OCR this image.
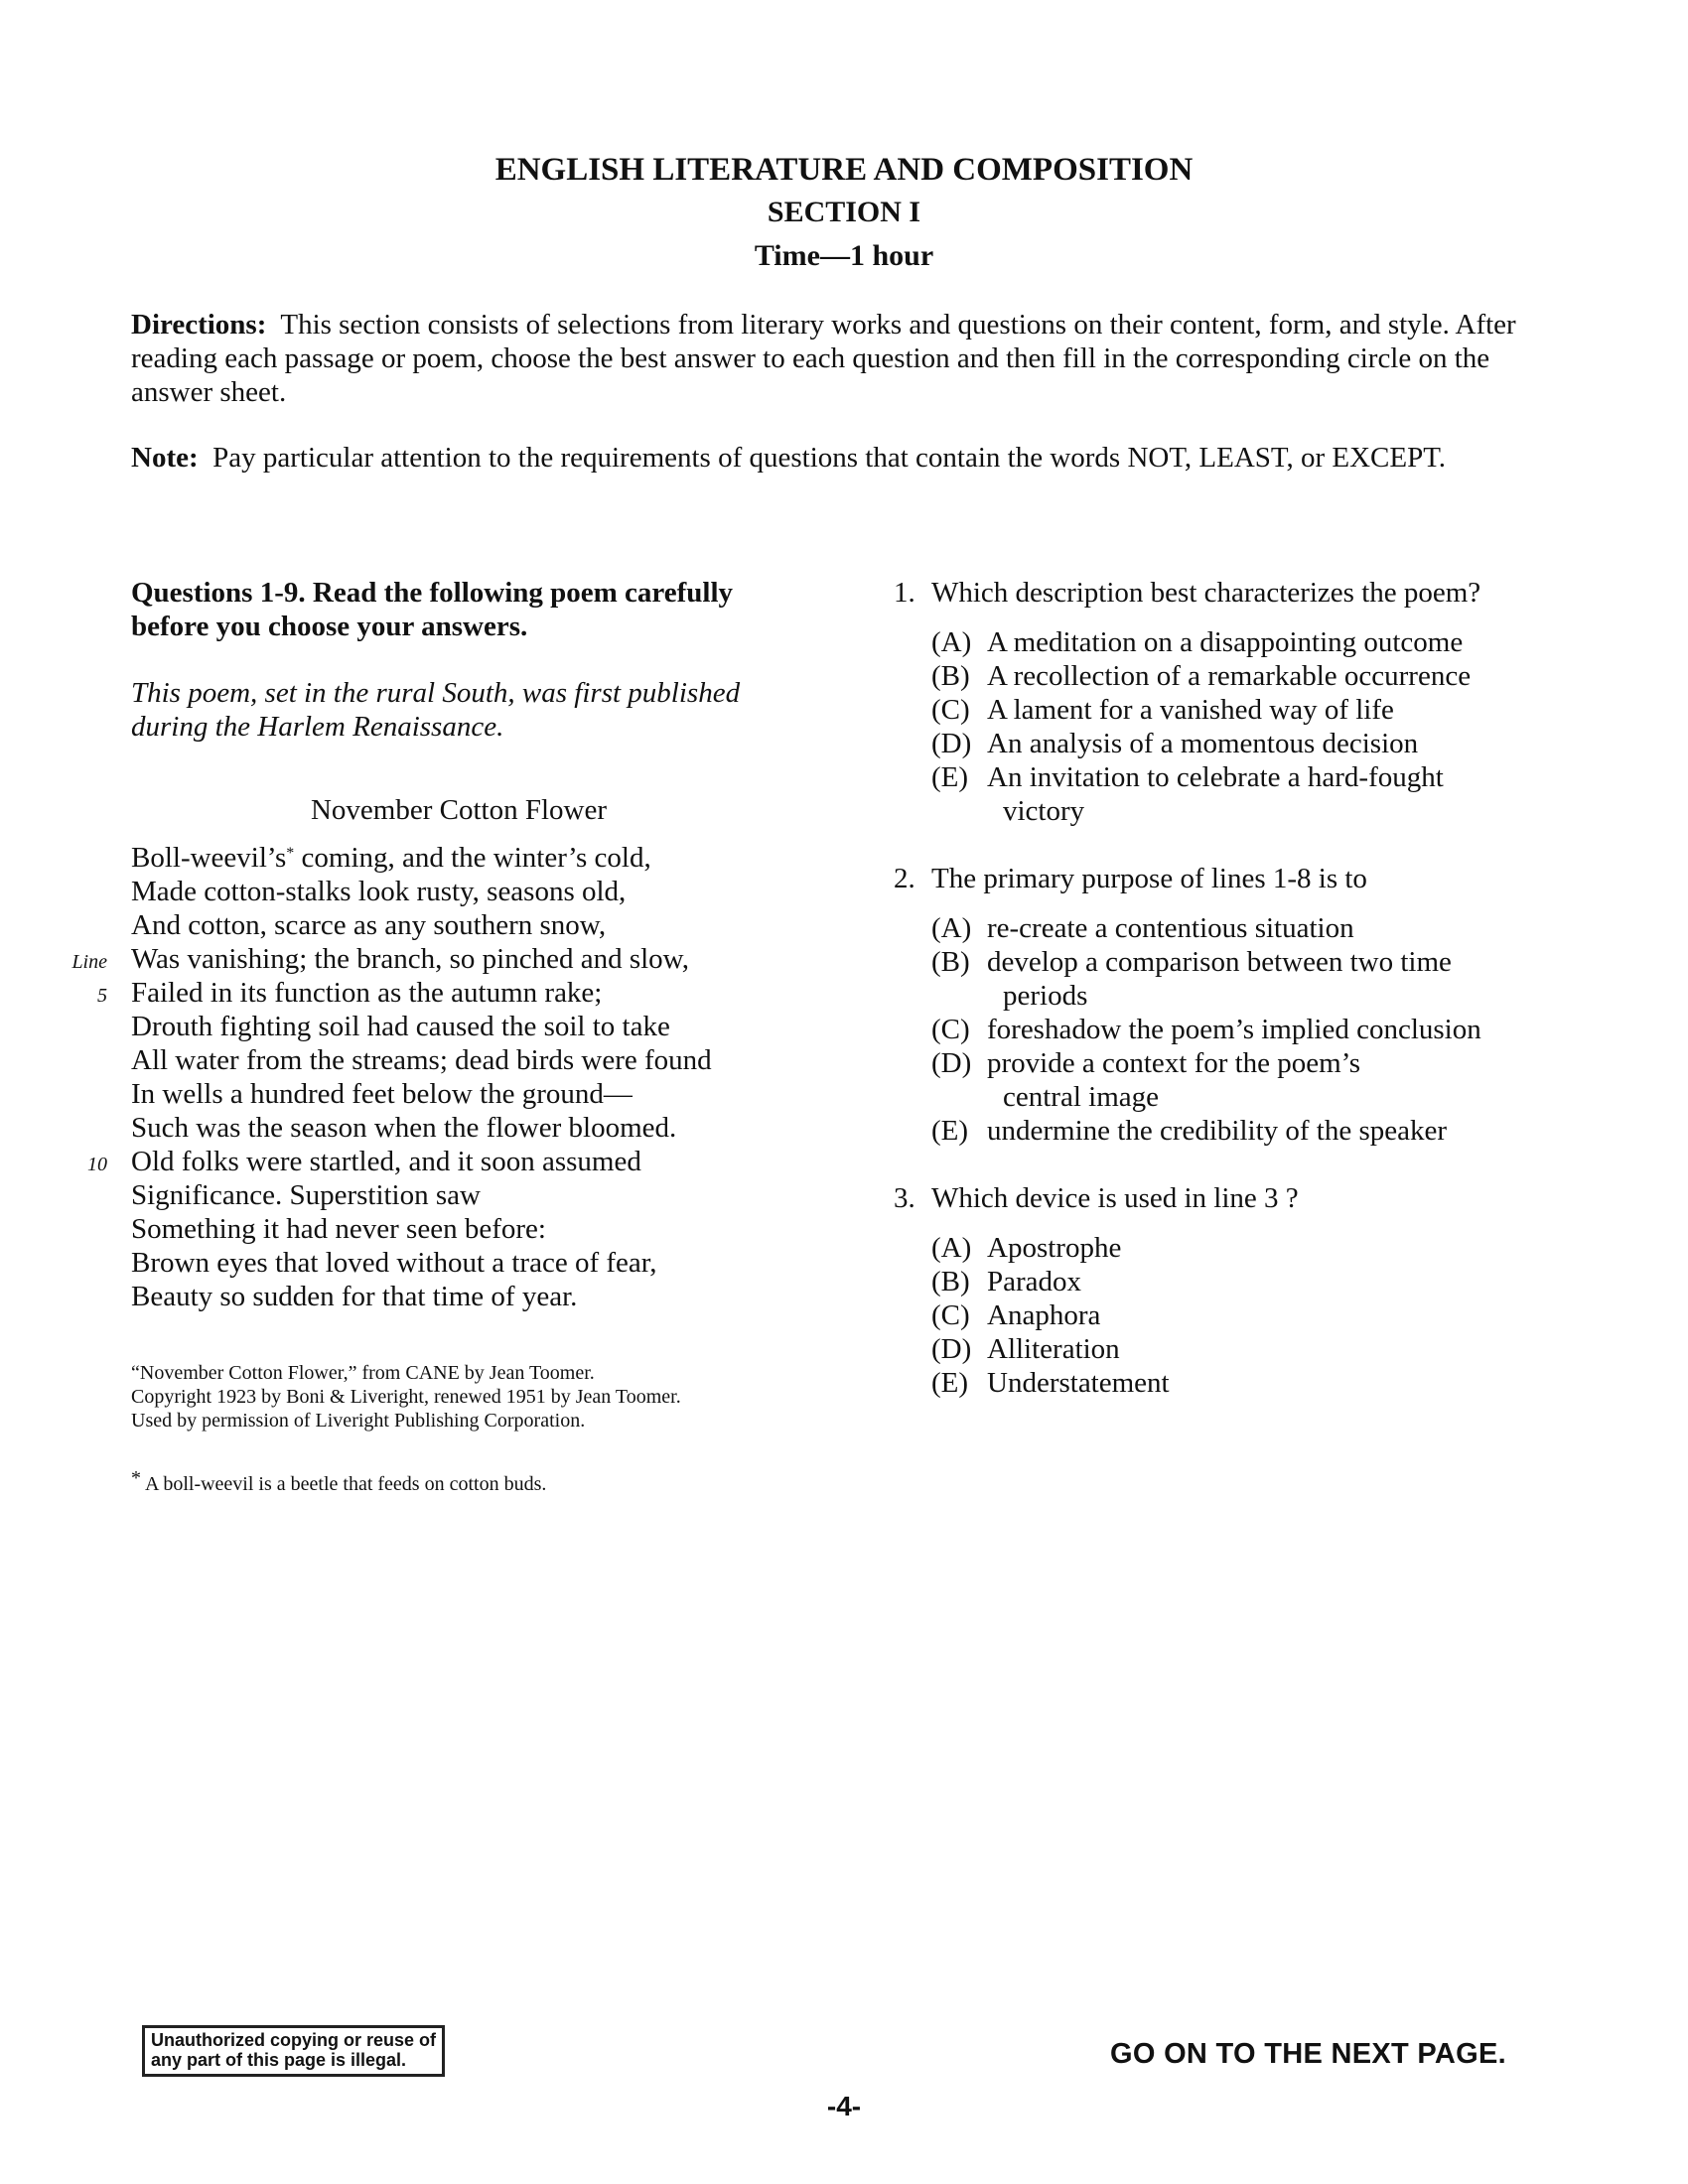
ENGLISH LITERATURE AND COMPOSITION

SECTION I

Time—1 hour

Directions: This section consists of selections from literary works and questions on their content, form, and style. After reading each passage or poem, choose the best answer to each question and then fill in the corresponding circle on the answer sheet.

Note: Pay particular attention to the requirements of questions that contain the words NOT, LEAST, or EXCEPT.

Questions 1-9. Read the following poem carefully before you choose your answers.

This poem, set in the rural South, was first published during the Harlem Renaissance.

November Cotton Flower

Boll-weevil’s* coming, and the winter’s cold,
Made cotton-stalks look rusty, seasons old,
And cotton, scarce as any southern snow,
Line Was vanishing; the branch, so pinched and slow,
5 Failed in its function as the autumn rake;
Drouth fighting soil had caused the soil to take
All water from the streams; dead birds were found
In wells a hundred feet below the ground—
Such was the season when the flower bloomed.
10 Old folks were startled, and it soon assumed
Significance. Superstition saw
Something it had never seen before:
Brown eyes that loved without a trace of fear,
Beauty so sudden for that time of year.
“November Cotton Flower,” from CANE by Jean Toomer.
Copyright 1923 by Boni & Liveright, renewed 1951 by Jean Toomer.
Used by permission of Liveright Publishing Corporation.
* A boll-weevil is a beetle that feeds on cotton buds.
1. Which description best characterizes the poem?
(A) A meditation on a disappointing outcome
(B) A recollection of a remarkable occurrence
(C) A lament for a vanished way of life
(D) An analysis of a momentous decision
(E) An invitation to celebrate a hard-fought
victory
2. The primary purpose of lines 1-8 is to
(A) re-create a contentious situation
(B) develop a comparison between two time
periods
(C) foreshadow the poem’s implied conclusion
(D) provide a context for the poem’s
central image
(E) undermine the credibility of the speaker
3. Which device is used in line 3 ?
(A) Apostrophe
(B) Paradox
(C) Anaphora
(D) Alliteration
(E) Understatement
Unauthorized copying or reuse of
any part of this page is illegal.	GO ON TO THE NEXT PAGE.
-4-
